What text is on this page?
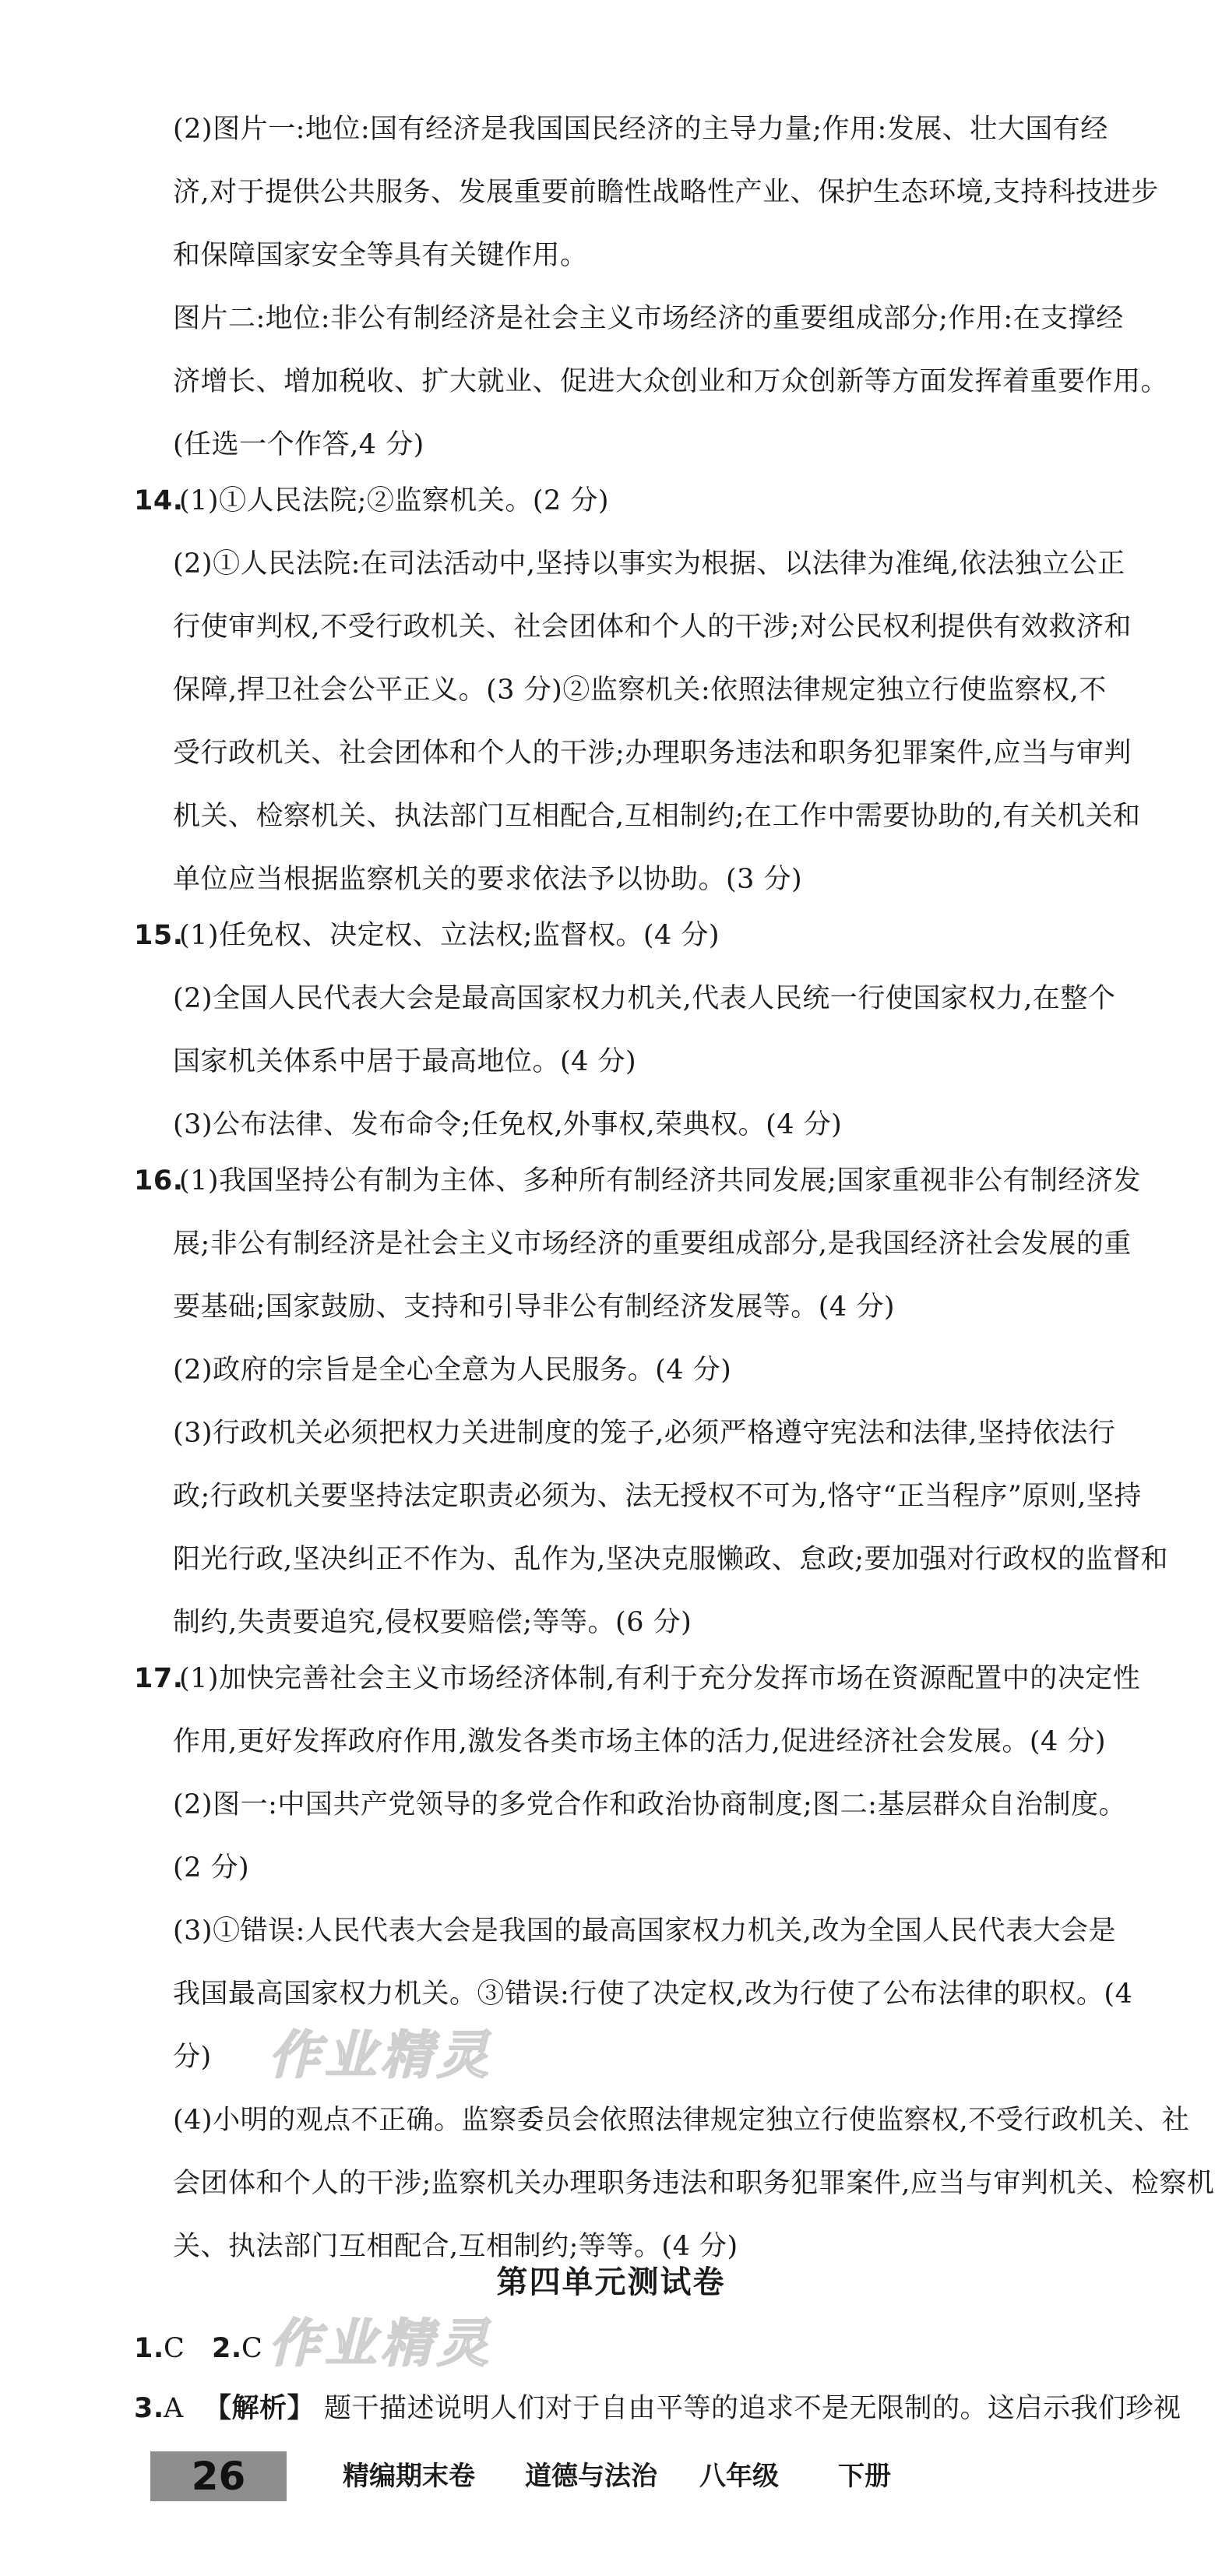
(2)图片一:地位:国有经济是我国国民经济的主导力量;作用:发展、壮大国有经
济,对于提供公共服务、发展重要前瞻性战略性产业、保护生态环境,支持科技进步
和保障国家安全等具有关键作用。
图片二:地位:非公有制经济是社会主义市场经济的重要组成部分;作用:在支撑经
济增长、增加税收、扩大就业、促进大众创业和万众创新等方面发挥着重要作用。
(任选一个作答,4 分)
14.
(1)①人民法院;②监察机关。(2 分)
(2)①人民法院:在司法活动中,坚持以事实为根据、以法律为准绳,依法独立公正
行使审判权,不受行政机关、社会团体和个人的干涉;对公民权利提供有效救济和
保障,捍卫社会公平正义。(3 分)②监察机关:依照法律规定独立行使监察权,不
受行政机关、社会团体和个人的干涉;办理职务违法和职务犯罪案件,应当与审判
机关、检察机关、执法部门互相配合,互相制约;在工作中需要协助的,有关机关和
单位应当根据监察机关的要求依法予以协助。(3 分)
15.
(1)任免权、决定权、立法权;监督权。(4 分)
(2)全国人民代表大会是最高国家权力机关,代表人民统一行使国家权力,在整个
国家机关体系中居于最高地位。(4 分)
(3)公布法律、发布命令;任免权,外事权,荣典权。(4 分)
16.
(1)我国坚持公有制为主体、多种所有制经济共同发展;国家重视非公有制经济发
展;非公有制经济是社会主义市场经济的重要组成部分,是我国经济社会发展的重
要基础;国家鼓励、支持和引导非公有制经济发展等。(4 分)
(2)政府的宗旨是全心全意为人民服务。(4 分)
(3)行政机关必须把权力关进制度的笼子,必须严格遵守宪法和法律,坚持依法行
政;行政机关要坚持法定职责必须为、法无授权不可为,恪守“正当程序”原则,坚持
阳光行政,坚决纠正不作为、乱作为,坚决克服懒政、怠政;要加强对行政权的监督和
制约,失责要追究,侵权要赔偿;等等。(6 分)
17.
(1)加快完善社会主义市场经济体制,有利于充分发挥市场在资源配置中的决定性
作用,更好发挥政府作用,激发各类市场主体的活力,促进经济社会发展。(4 分)
(2)图一:中国共产党领导的多党合作和政治协商制度;图二:基层群众自治制度。
(2 分)
(3)①错误:人民代表大会是我国的最高国家权力机关,改为全国人民代表大会是
我国最高国家权力机关。③错误:行使了决定权,改为行使了公布法律的职权。(4
分)
(4)小明的观点不正确。监察委员会依照法律规定独立行使监察权,不受行政机关、社
会团体和个人的干涉;监察机关办理职务违法和职务犯罪案件,应当与审判机关、检察机
关、执法部门互相配合,互相制约;等等。(4 分)
作业精灵
作业精灵
第四单元测试卷
1. C 2. C
3. A 【解析】 题干描述说明人们对于自由平等的追求不是无限制的。这启示我们珍视
26	精编期末卷 道德与法治 八年级 下册
